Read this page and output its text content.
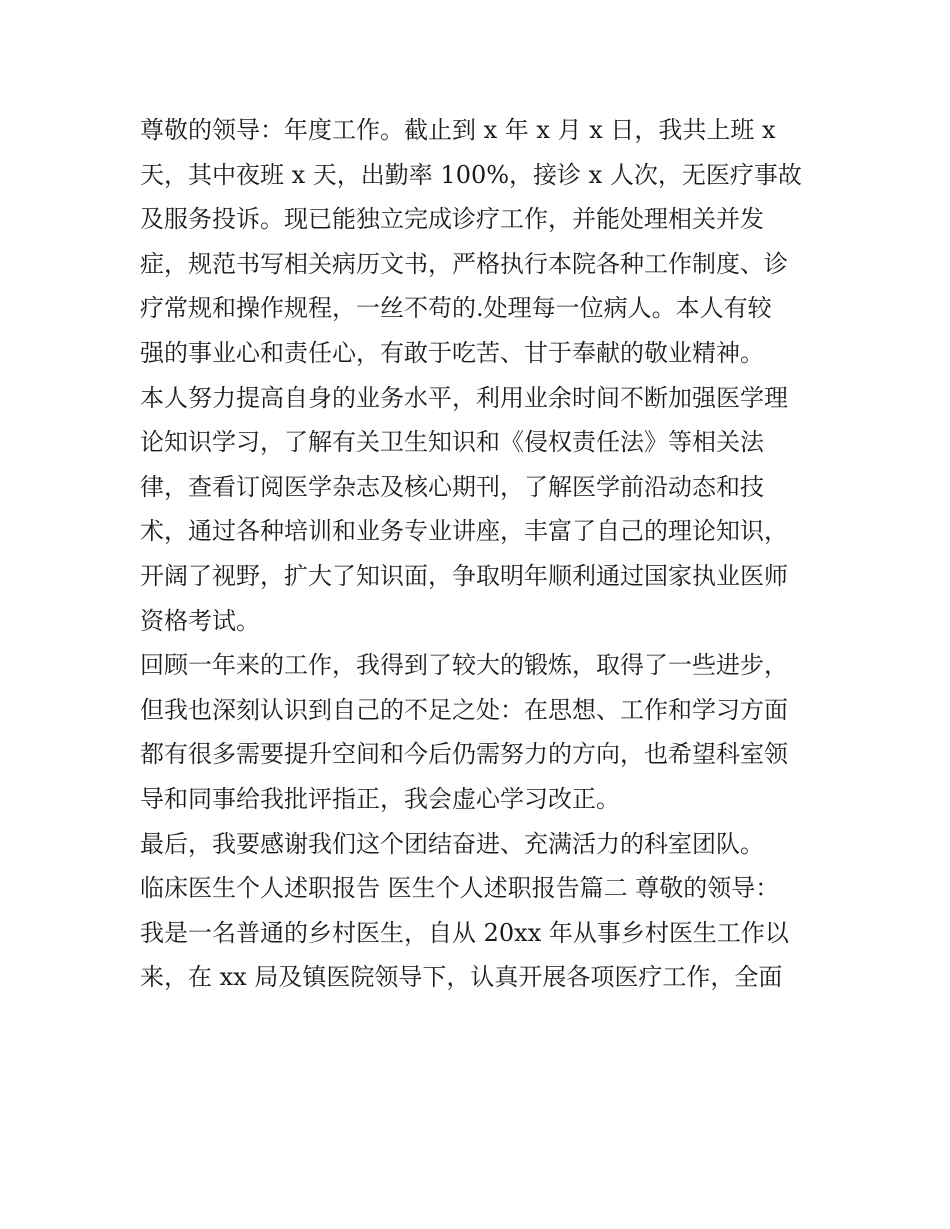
尊敬的领导：年度工作。截止到 x 年 x 月 x 日，我共上班 x
天，其中夜班 x 天，出勤率 100%，接诊 x 人次，无医疗事故
及服务投诉。现已能独立完成诊疗工作，并能处理相关并发
症，规范书写相关病历文书，严格执行本院各种工作制度、诊
疗常规和操作规程，一丝不苟的.处理每一位病人。本人有较
强的事业心和责任心，有敢于吃苦、甘于奉献的敬业精神。
本人努力提高自身的业务水平，利用业余时间不断加强医学理
论知识学习，了解有关卫生知识和《侵权责任法》等相关法
律，查看订阅医学杂志及核心期刊，了解医学前沿动态和技
术，通过各种培训和业务专业讲座，丰富了自己的理论知识，
开阔了视野，扩大了知识面，争取明年顺利通过国家执业医师
资格考试。
回顾一年来的工作，我得到了较大的锻炼，取得了一些进步，
但我也深刻认识到自己的不足之处：在思想、工作和学习方面
都有很多需要提升空间和今后仍需努力的方向，也希望科室领
导和同事给我批评指正，我会虚心学习改正。
最后，我要感谢我们这个团结奋进、充满活力的科室团队。
临床医生个人述职报告 医生个人述职报告篇二 尊敬的领导：
我是一名普通的乡村医生，自从 20xx 年从事乡村医生工作以
来，在 xx 局及镇医院领导下，认真开展各项医疗工作，全面
